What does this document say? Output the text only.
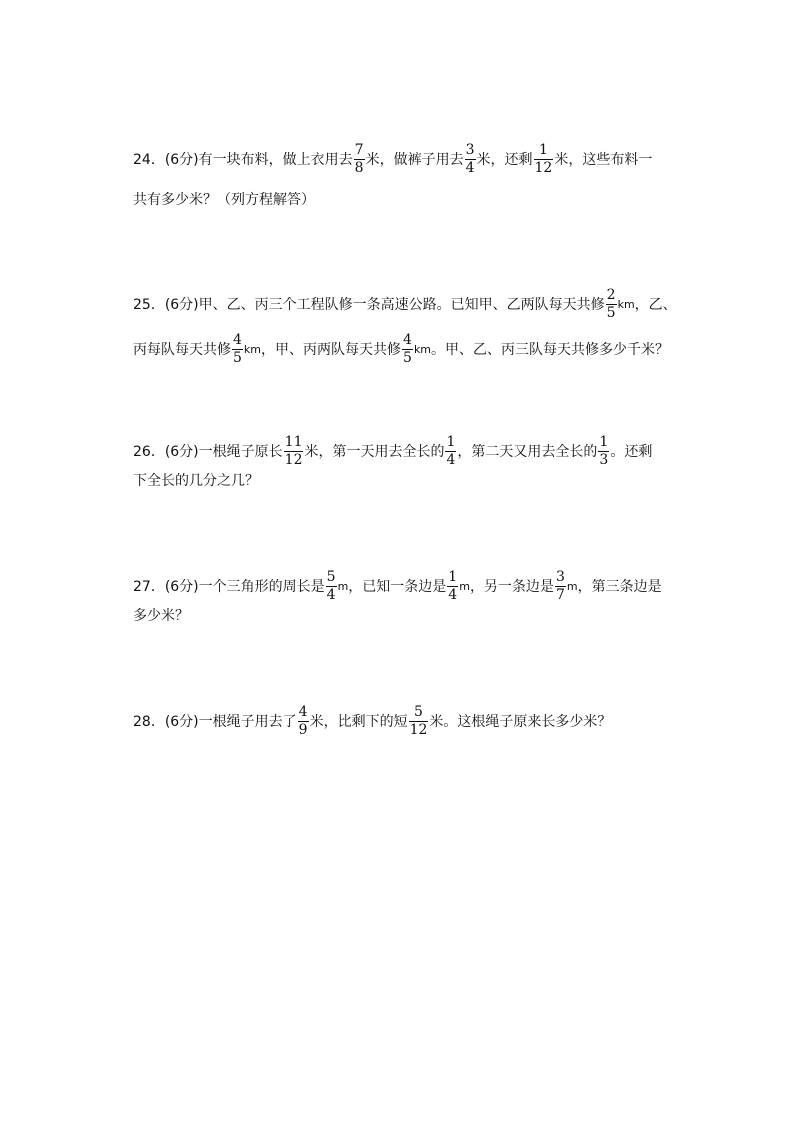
24．(6分)有一块布料，做上衣用去 $\frac{7}{8}$ 米，做裤子用去 $\frac{3}{4}$ 米，还剩 $\frac{1}{12}$ 米，这些布料一
共有多少米？（列方程解答）
25．(6分)甲、乙、丙三个工程队修一条高速公路。已知甲、乙两队每天共修 $\frac{2}{5}$ km ，乙、
丙每队每天共修 $\frac{4}{5}$ km ，甲、丙两队每天共修 $\frac{4}{5}$ km 。甲、乙、丙三队每天共修多少千米？
26．(6分)一根绳子原长 $\frac{11}{12}$ 米，第一天用去全长的 $\frac{1}{4}$ ，第二天又用去全长的 $\frac{1}{3}$ 。还剩
下全长的几分之几？
27．(6分)一个三角形的周长是 $\frac{5}{4}$ m ，已知一条边是 $\frac{1}{4}$ m ，另一条边是 $\frac{3}{7}$ m ，第三条边是
多少米？
28．(6分)一根绳子用去了 $\frac{4}{9}$ 米，比剩下的短 $\frac{5}{12}$ 米。这根绳子原来长多少米？
